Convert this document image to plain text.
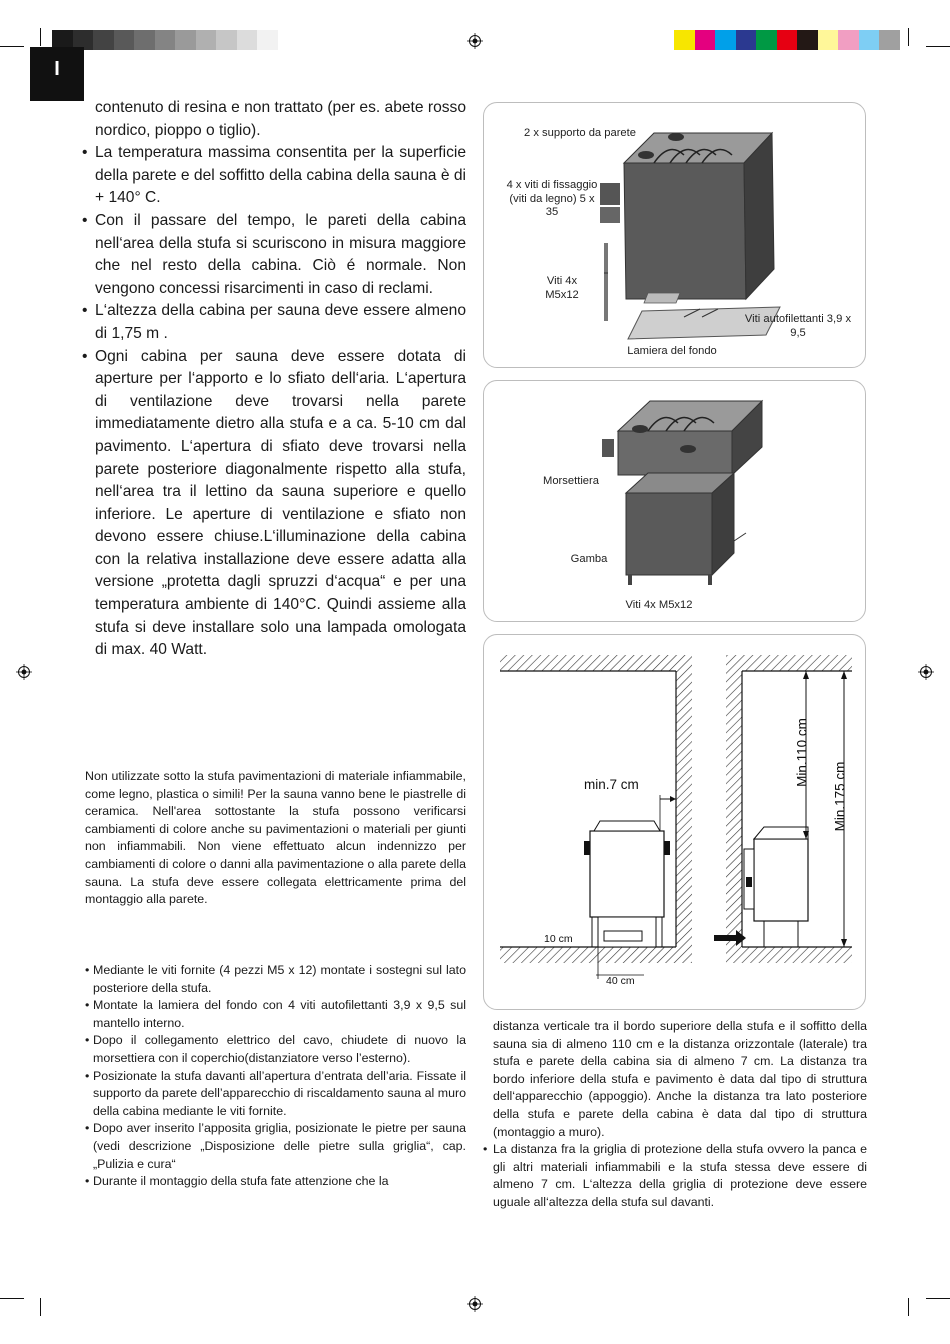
I

contenuto di resina e non trattato (per es. abete rosso nordico, pioppo o tiglio).

• La temperatura massima consentita per la superficie della parete e del soffitto della cabina della sauna è di + 140° C.
• Con il passare del tempo, le pareti della cabina nell‘area della stufa si scuriscono in misura maggiore che nel resto della cabina. Ciò é normale. Non vengono concessi risarcimenti in caso di reclami.
• L‘altezza della cabina per sauna deve essere almeno di 1,75 m .
• Ogni cabina per sauna deve essere dotata di aperture per l‘apporto e lo sfiato dell‘aria. L‘apertura di ventilazione deve trovarsi nella parete immediatamente dietro alla stufa e a ca. 5-10 cm dal pavimento. L‘apertura di sfiato deve trovarsi nella parete posteriore diagonalmente rispetto alla stufa, nell‘area tra il lettino da sauna superiore e quello inferiore. Le aperture di ventilazione e sfiato non devono essere chiuse.L‘illuminazione della cabina con la relativa installazione deve essere adatta alla versione „protetta dagli spruzzi d‘acqua“ e per una temperatura ambiente di 140°C. Quindi assieme alla stufa si deve installare solo una lampada omologata di max. 40 Watt.

Non utilizzate sotto la stufa pavimentazioni di materiale infiammabile, come legno, plastica o simili! Per la sauna vanno bene le piastrelle di ceramica. Nell'area sottostante la stufa possono verificarsi cambiamenti di colore anche su pavimentazioni o materiali per giunti non infiammabili. Non viene effettuato alcun indennizzo per cambiamenti di colore o danni alla pavimentazione o alla parete della sauna. La stufa deve essere collegata elettricamente prima del montaggio alla parete.

• Mediante le viti fornite (4 pezzi M5 x 12) montate i sostegni sul lato posteriore della stufa.
• Montate la lamiera del fondo con 4 viti autofilettanti 3,9 x 9,5 sul mantello interno.
• Dopo il collegamento elettrico del cavo, chiudete di nuovo la morsettiera con il coperchio(distanziatore verso l’esterno).
• Posizionate la stufa davanti all’apertura d’entrata dell’aria. Fissate il supporto da parete dell’apparecchio di riscaldamento sauna al muro della cabina mediante le viti fornite.
• Dopo aver inserito l’apposita griglia, posizionate le pietre per sauna (vedi descrizione „Disposizione delle pietre sulla griglia“, cap. „Pulizia e cura“
• Durante il montaggio della stufa fate attenzione che la

distanza verticale tra il bordo superiore della stufa e il soffitto della sauna sia di almeno 110 cm e la distanza orizzontale (laterale) tra stufa e parete della cabina sia di almeno 7 cm. La distanza tra bordo inferiore della stufa e pavimento è data dal tipo di struttura dell‘apparecchio (appoggio). Anche la distanza tra lato posteriore della stufa e parete della cabina è data dal tipo di struttura (montaggio a muro).

• La distanza fra la griglia di protezione della stufa ovvero la panca e gli altri materiali infiammabili e la stufa stessa deve essere di almeno 7 cm. L‘altezza della griglia di protezione deve essere uguale all‘altezza della stufa sul davanti.
2 x supporto da parete
4 x viti di fissaggio (viti da legno) 5 x 35
Viti 4x M5x12
Viti autofilettanti 3,9 x 9,5
Lamiera del fondo
Morsettiera
Gamba
Viti 4x M5x12
min.7 cm
10 cm
40 cm
Min.110 cm
Min.175 cm
